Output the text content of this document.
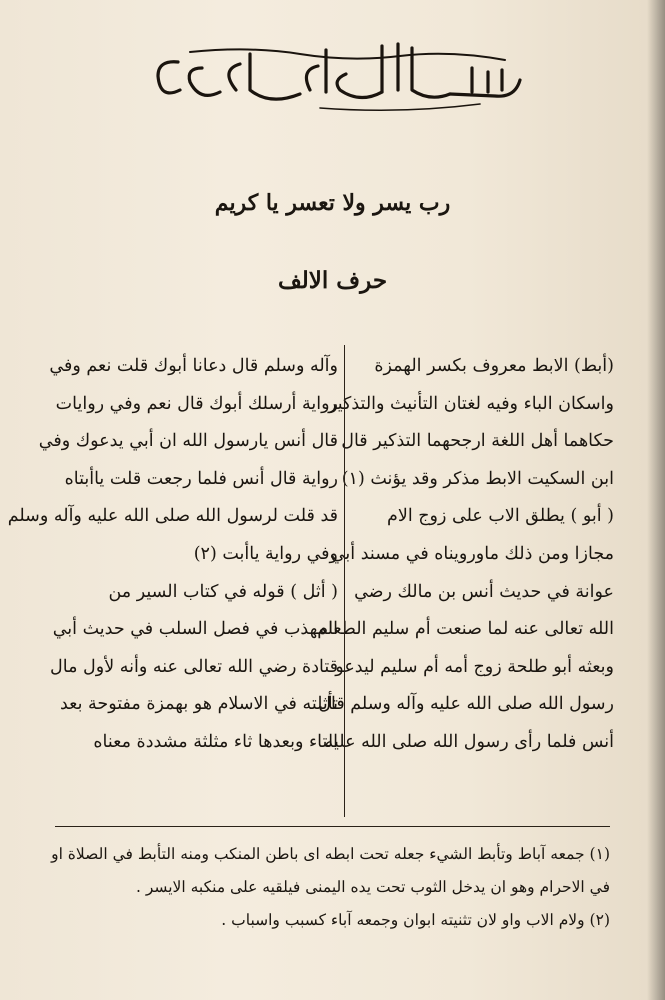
بسم الله الرحمن الرحيم
رب يسر ولا تعسر يا كريم
حرف الالف
(أبط) الابط معروف بكسر الهمزة
واسكان الباء وفيه لغتان التأنيث والتذكير
حكاهما أهل اللغة ارجحهما التذكير قال
ابن السكيت الابط مذكر وقد يؤنث (١)
( أبو ) يطلق الاب على زوج الام
مجازا ومن ذلك ماورويناه في مسند أبي
عوانة في حديث أنس بن مالك رضي
الله تعالى عنه لما صنعت أم سليم الطعام
وبعثه أبو طلحة زوج أمه أم سليم ليدعو
رسول الله صلى الله عليه وآله وسلم قال
أنس فلما رأى رسول الله صلى الله عليه
وآله وسلم قال دعانا أبوك قلت نعم وفي
رواية أرسلك أبوك قال نعم وفي روايات
قال أنس يارسول الله ان أبي يدعوك وفي
رواية قال أنس فلما رجعت قلت ياأبتاه
قد قلت لرسول الله صلى الله عليه وآله وسلم
وفي رواية ياأبت (٢)
( أثل ) قوله في كتاب السير من
المهذب في فصل السلب في حديث أبي
قتادة رضي الله تعالى عنه وأنه لأول مال
تأثلته في الاسلام هو بهمزة مفتوحة بعد
التاء وبعدها ثاء مثلثة مشددة معناه
(١) جمعه آباط وتأبط الشيء جعله تحت ابطه اى باطن المنكب ومنه التأبط في الصلاة او
في الاحرام وهو ان يدخل الثوب تحت يده اليمنى فيلقيه على منكبه الايسر .
(٢) ولام الاب واو لان تثنيته ابوان وجمعه آباء كسبب واسباب .
